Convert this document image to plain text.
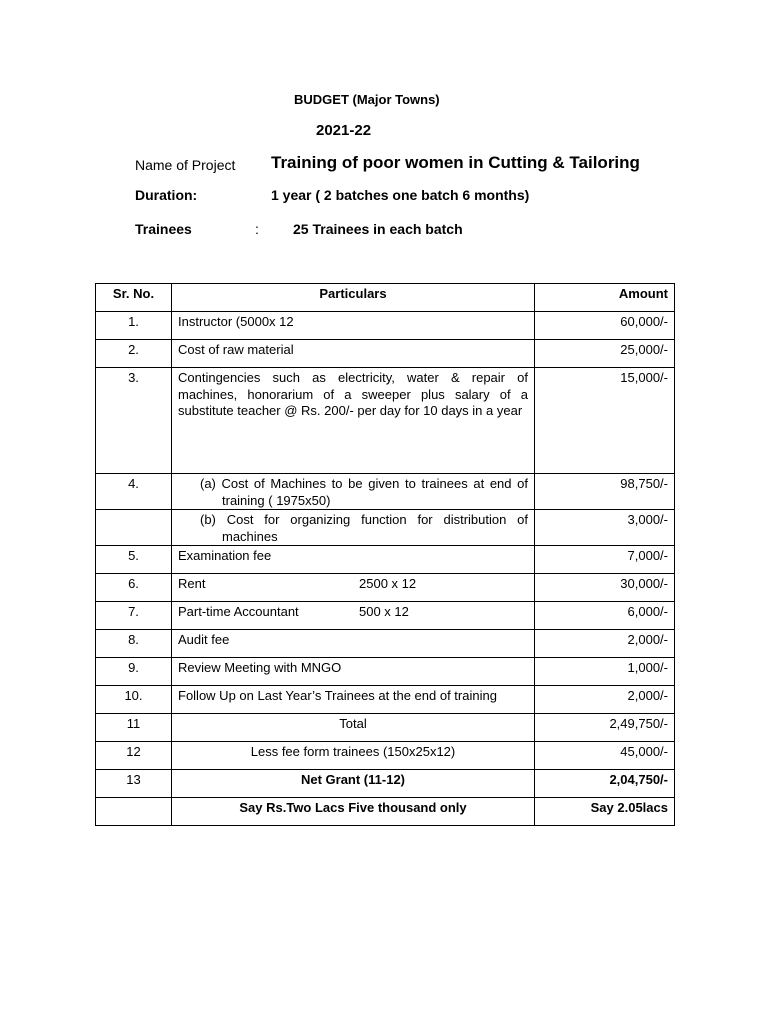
BUDGET (Major Towns)
2021-22
Name of Project Training of poor women in Cutting & Tailoring
Duration:	1 year ( 2 batches one batch 6 months)
Trainees	: 25 Trainees in each batch
Sr. No.	Particulars	Amount
1.	Instructor (5000x 12	60,000/-
2.	Cost of raw material	25,000/-
3.	Contingencies such as electricity, water & repair of machines, honorarium of a sweeper plus salary of a substitute teacher @ Rs. 200/- per day for 10 days in a year	15,000/-
4.	(a) Cost of Machines to be given to trainees at end of training ( 1975x50)	98,750/-
	(b) Cost for organizing function for distribution of machines	3,000/-
5.	Examination fee	7,000/-
6.	Rent 2500 x 12	30,000/-
7.	Part-time Accountant 500 x 12	6,000/-
8.	Audit fee	2,000/-
9.	Review Meeting with MNGO	1,000/-
10.	Follow Up on Last Year’s Trainees at the end of training	2,000/-
11	Total	2,49,750/-
12	Less fee form trainees (150x25x12)	45,000/-
13	Net Grant (11-12)	2,04,750/-
	Say Rs.Two Lacs Five thousand only	Say 2.05lacs
